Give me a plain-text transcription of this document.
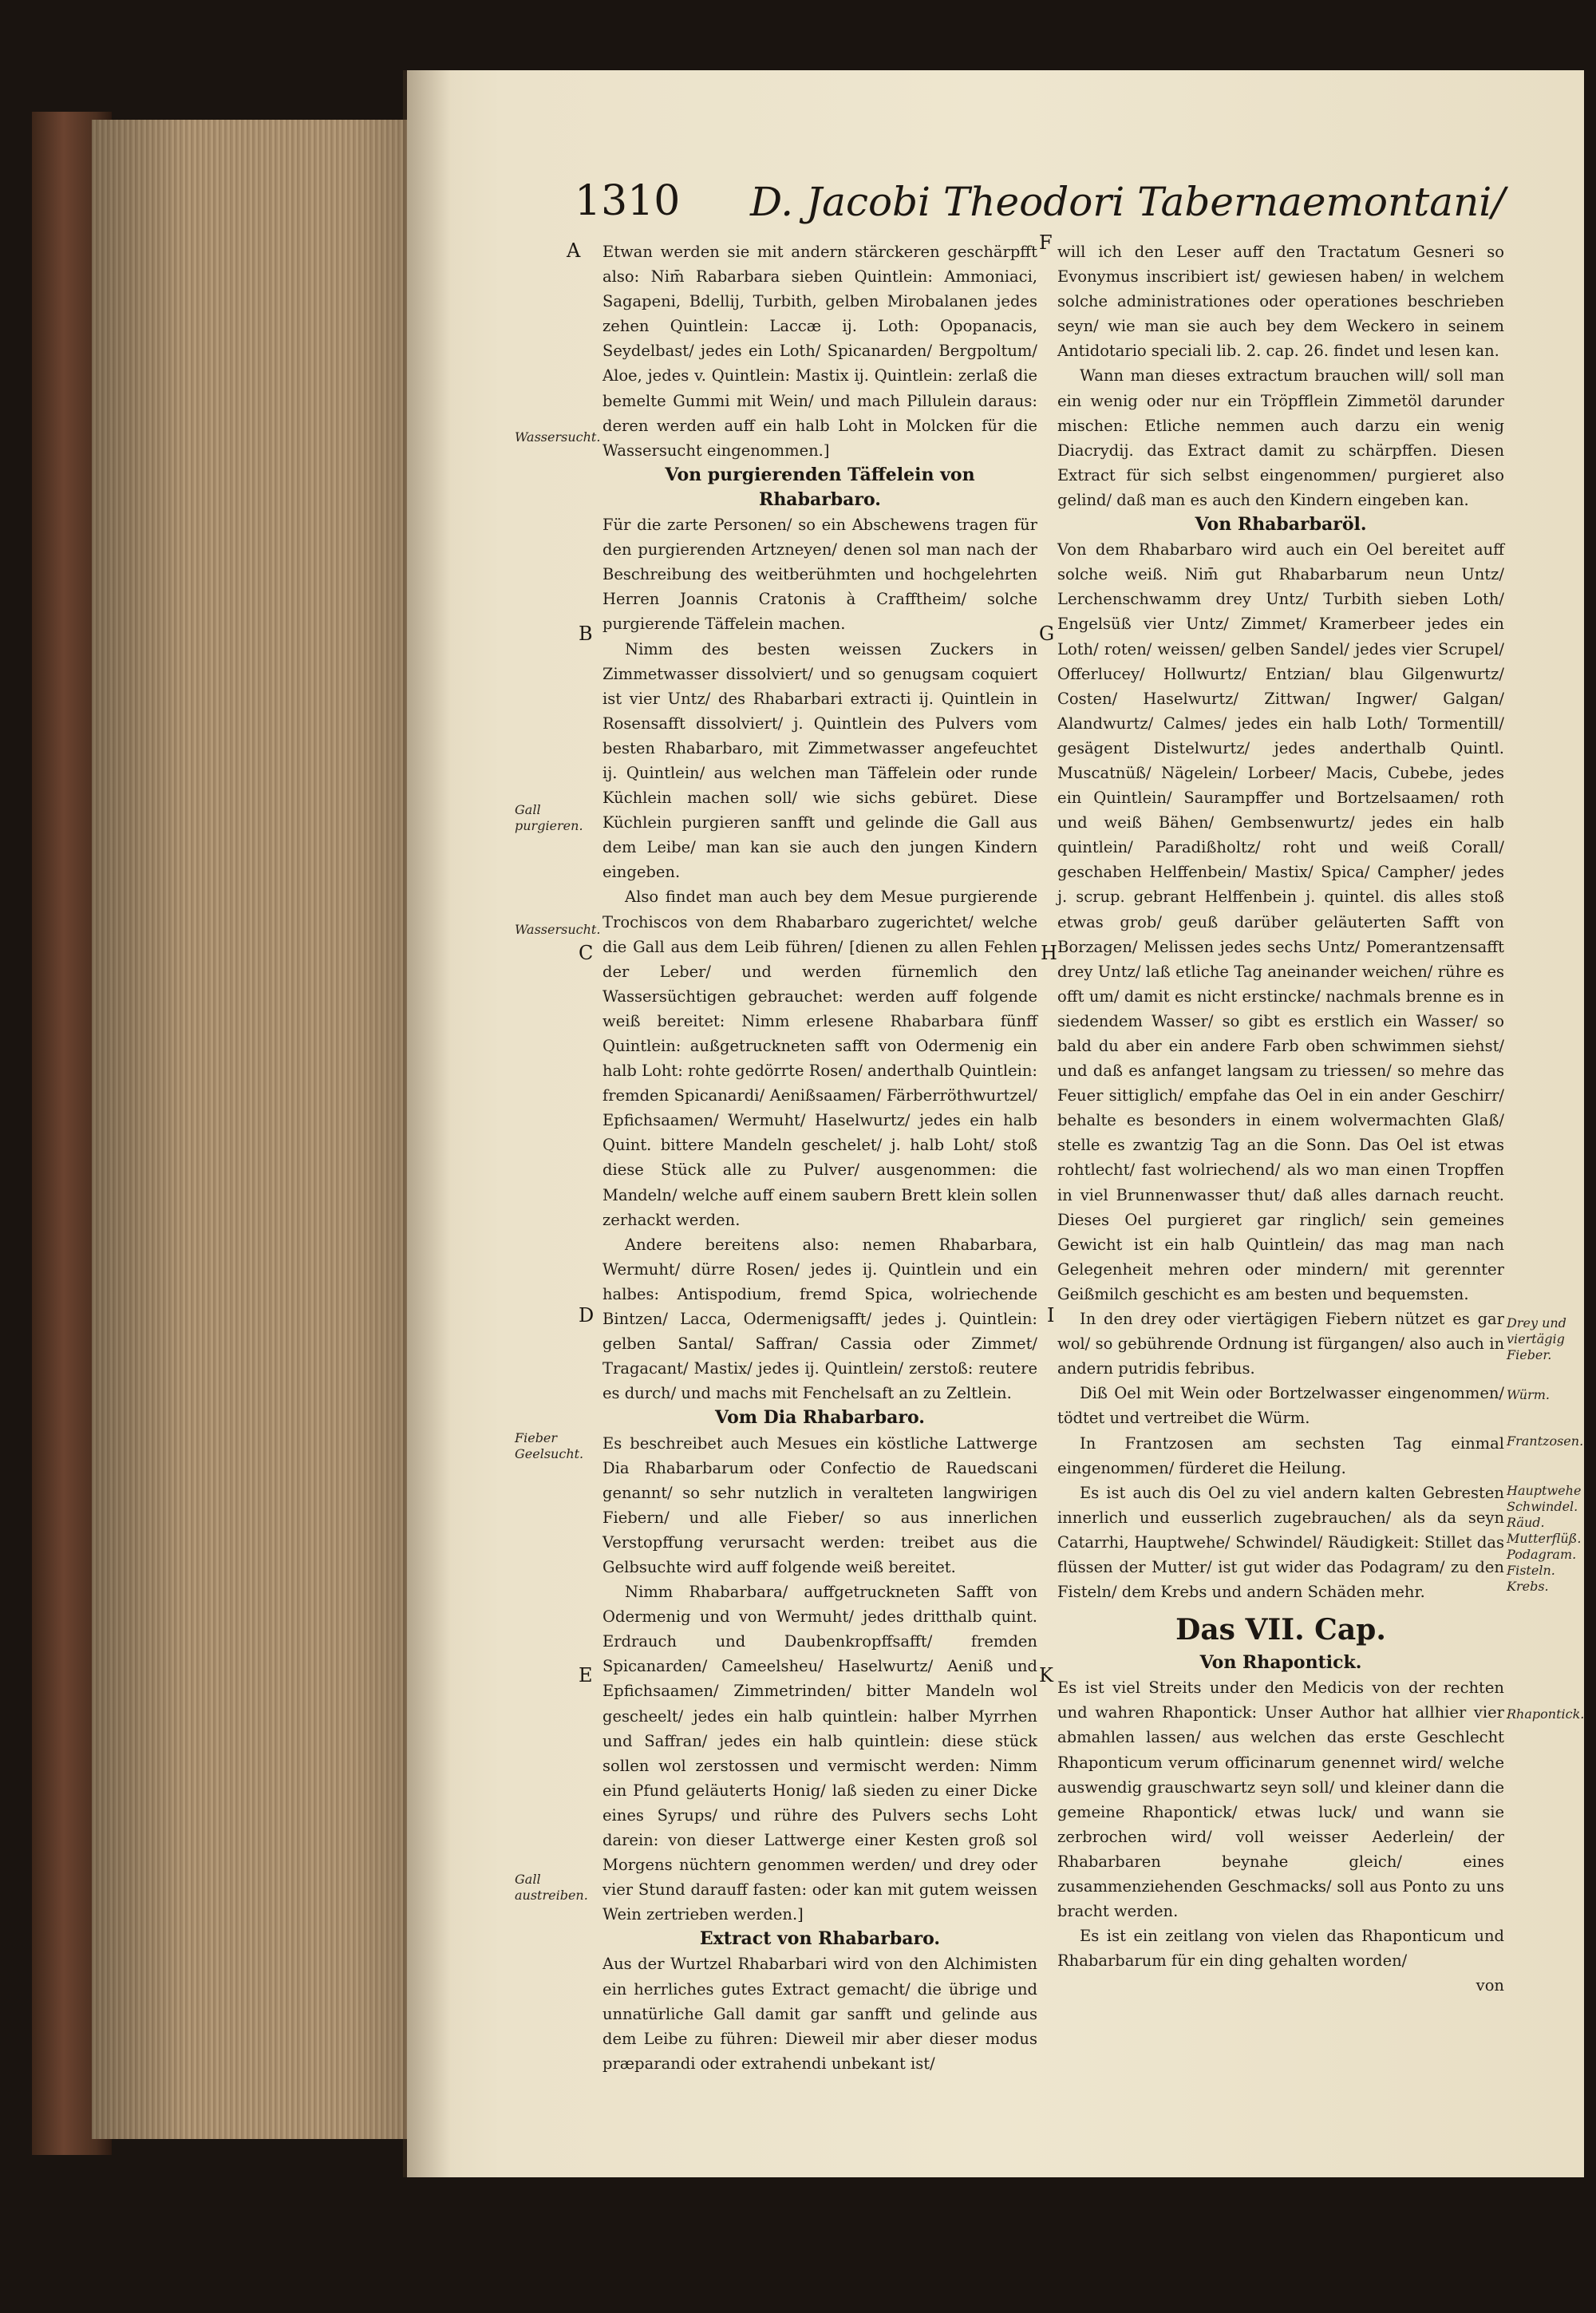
1310 D. Jacobi Theodori Tabernaemontani/
A
B
C
D
E
F
G
H
I
K
Wassersucht.
Gall purgieren.
Wassersucht.
Fieber Geelsucht.
Gall austreiben.
Drey und viertägig Fieber.
Würm.
Frantzosen.
Hauptwehe Schwindel. Räud. Mutterflüß. Podagram. Fisteln. Krebs.
Rhapontick.

Etwan werden sie mit andern stärckeren geschärpfft also: Nim̄ Rabarbara sieben Quintlein: Ammoniaci, Sagapeni, Bdellij, Turbith, gelben Mirobalanen jedes zehen Quintlein: Laccæ ij. Loth: Opopanacis, Seydelbast/ jedes ein Loth/ Spicanarden/ Bergpoltum/ Aloe, jedes v. Quintlein: Mastix ij. Quintlein: zerlaß die bemelte Gummi mit Wein/ und mach Pillulein daraus: deren werden auff ein halb Loht in Molcken für die Wassersucht eingenommen.]

Von purgierenden Täffelein von Rhabarbaro.

Für die zarte Personen/ so ein Abschewens tragen für den purgierenden Artzneyen/ denen sol man nach der Beschreibung des weitberühmten und hochgelehrten Herren Joannis Cratonis à Crafftheim/ solche purgierende Täffelein machen.

Nimm des besten weissen Zuckers in Zimmetwasser dissolviert/ und so genugsam coquiert ist vier Untz/ des Rhabarbari extracti ij. Quintlein in Rosensafft dissolviert/ j. Quintlein des Pulvers vom besten Rhabarbaro, mit Zimmetwasser angefeuchtet ij. Quintlein/ aus welchen man Täffelein oder runde Küchlein machen soll/ wie sichs gebüret. Diese Küchlein purgieren sanfft und gelinde die Gall aus dem Leibe/ man kan sie auch den jungen Kindern eingeben.

Also findet man auch bey dem Mesue purgierende Trochiscos von dem Rhabarbaro zugerichtet/ welche die Gall aus dem Leib führen/ [dienen zu allen Fehlen der Leber/ und werden fürnemlich den Wassersüchtigen gebrauchet: werden auff folgende weiß bereitet: Nimm erlesene Rhabarbara fünff Quintlein: außgetruckneten safft von Odermenig ein halb Loht: rohte gedörrte Rosen/ anderthalb Quintlein: fremden Spicanardi/ Aenißsaamen/ Färberröthwurtzel/ Epfichsaamen/ Wermuht/ Haselwurtz/ jedes ein halb Quint. bittere Mandeln geschelet/ j. halb Loht/ stoß diese Stück alle zu Pulver/ ausgenommen: die Mandeln/ welche auff einem saubern Brett klein sollen zerhackt werden.

Andere bereitens also: nemen Rhabarbara, Wermuht/ dürre Rosen/ jedes ij. Quintlein und ein halbes: Antispodium, fremd Spica, wolriechende Bintzen/ Lacca, Odermenigsafft/ jedes j. Quintlein: gelben Santal/ Saffran/ Cassia oder Zimmet/ Tragacant/ Mastix/ jedes ij. Quintlein/ zerstoß: reutere es durch/ und machs mit Fenchelsaft an zu Zeltlein.

Vom Dia Rhabarbaro.

Es beschreibet auch Mesues ein köstliche Lattwerge Dia Rhabarbarum oder Confectio de Rauedscani genannt/ so sehr nutzlich in veralteten langwirigen Fiebern/ und alle Fieber/ so aus innerlichen Verstopffung verursacht werden: treibet aus die Gelbsuchte wird auff folgende weiß bereitet.

Nimm Rhabarbara/ auffgetruckneten Safft von Odermenig und von Wermuht/ jedes dritthalb quint. Erdrauch und Daubenkropffsafft/ fremden Spicanarden/ Cameelsheu/ Haselwurtz/ Aeniß und Epfichsaamen/ Zimmetrinden/ bitter Mandeln wol gescheelt/ jedes ein halb quintlein: halber Myrrhen und Saffran/ jedes ein halb quintlein: diese stück sollen wol zerstossen und vermischt werden: Nimm ein Pfund geläuterts Honig/ laß sieden zu einer Dicke eines Syrups/ und rühre des Pulvers sechs Loht darein: von dieser Lattwerge einer Kesten groß sol Morgens nüchtern genommen werden/ und drey oder vier Stund darauff fasten: oder kan mit gutem weissen Wein zertrieben werden.]

Extract von Rhabarbaro.

Aus der Wurtzel Rhabarbari wird von den Alchimisten ein herrliches gutes Extract gemacht/ die übrige und unnatürliche Gall damit gar sanfft und gelinde aus dem Leibe zu führen: Dieweil mir aber dieser modus præparandi oder extrahendi unbekant ist/

will ich den Leser auff den Tractatum Gesneri so Evonymus inscribiert ist/ gewiesen haben/ in welchem solche administrationes oder operationes beschrieben seyn/ wie man sie auch bey dem Weckero in seinem Antidotario speciali lib. 2. cap. 26. findet und lesen kan.

Wann man dieses extractum brauchen will/ soll man ein wenig oder nur ein Tröpfflein Zimmetöl darunder mischen: Etliche nemmen auch darzu ein wenig Diacrydij. das Extract damit zu schärpffen. Diesen Extract für sich selbst eingenommen/ purgieret also gelind/ daß man es auch den Kindern eingeben kan.

Von Rhabarbaröl.

Von dem Rhabarbaro wird auch ein Oel bereitet auff solche weiß. Nim̄ gut Rhabarbarum neun Untz/ Lerchenschwamm drey Untz/ Turbith sieben Loth/ Engelsüß vier Untz/ Zimmet/ Kramerbeer jedes ein Loth/ roten/ weissen/ gelben Sandel/ jedes vier Scrupel/ Offerlucey/ Hollwurtz/ Entzian/ blau Gilgenwurtz/ Costen/ Haselwurtz/ Zittwan/ Ingwer/ Galgan/ Alandwurtz/ Calmes/ jedes ein halb Loth/ Tormentill/ gesägent Distelwurtz/ jedes anderthalb Quintl. Muscatnüß/ Nägelein/ Lorbeer/ Macis, Cubebe, jedes ein Quintlein/ Saurampffer und Bortzelsaamen/ roth und weiß Bähen/ Gembsenwurtz/ jedes ein halb quintlein/ Paradißholtz/ roht und weiß Corall/ geschaben Helffenbein/ Mastix/ Spica/ Campher/ jedes j. scrup. gebrant Helffenbein j. quintel. dis alles stoß etwas grob/ geuß darüber geläuterten Safft von Borzagen/ Melissen jedes sechs Untz/ Pomerantzensafft drey Untz/ laß etliche Tag aneinander weichen/ rühre es offt um/ damit es nicht erstincke/ nachmals brenne es in siedendem Wasser/ so gibt es erstlich ein Wasser/ so bald du aber ein andere Farb oben schwimmen siehst/ und daß es anfanget langsam zu triessen/ so mehre das Feuer sittiglich/ empfahe das Oel in ein ander Geschirr/ behalte es besonders in einem wolvermachten Glaß/ stelle es zwantzig Tag an die Sonn. Das Oel ist etwas rohtlecht/ fast wolriechend/ als wo man einen Tropffen in viel Brunnenwasser thut/ daß alles darnach reucht. Dieses Oel purgieret gar ringlich/ sein gemeines Gewicht ist ein halb Quintlein/ das mag man nach Gelegenheit mehren oder mindern/ mit gerennter Geißmilch geschicht es am besten und bequemsten.

In den drey oder viertägigen Fiebern nützet es gar wol/ so gebührende Ordnung ist fürgangen/ also auch in andern putridis febribus.

Diß Oel mit Wein oder Bortzelwasser eingenommen/ tödtet und vertreibet die Würm.

In Frantzosen am sechsten Tag einmal eingenommen/ fürderet die Heilung.

Es ist auch dis Oel zu viel andern kalten Gebresten innerlich und eusserlich zugebrauchen/ als da seyn Catarrhi, Hauptwehe/ Schwindel/ Räudigkeit: Stillet das flüssen der Mutter/ ist gut wider das Podagram/ zu den Fisteln/ dem Krebs und andern Schäden mehr.

Das VII. Cap.
Von Rhapontick.

Es ist viel Streits under den Medicis von der rechten und wahren Rhapontick: Unser Author hat allhier vier abmahlen lassen/ aus welchen das erste Geschlecht Rhaponticum verum officinarum genennet wird/ welche auswendig grauschwartz seyn soll/ und kleiner dann die gemeine Rhapontick/ etwas luck/ und wann sie zerbrochen wird/ voll weisser Aederlein/ der Rhabarbaren beynahe gleich/ eines zusammenziehenden Geschmacks/ soll aus Ponto zu uns bracht werden.

Es ist ein zeitlang von vielen das Rhaponticum und Rhabarbarum für ein ding gehalten worden/

von
